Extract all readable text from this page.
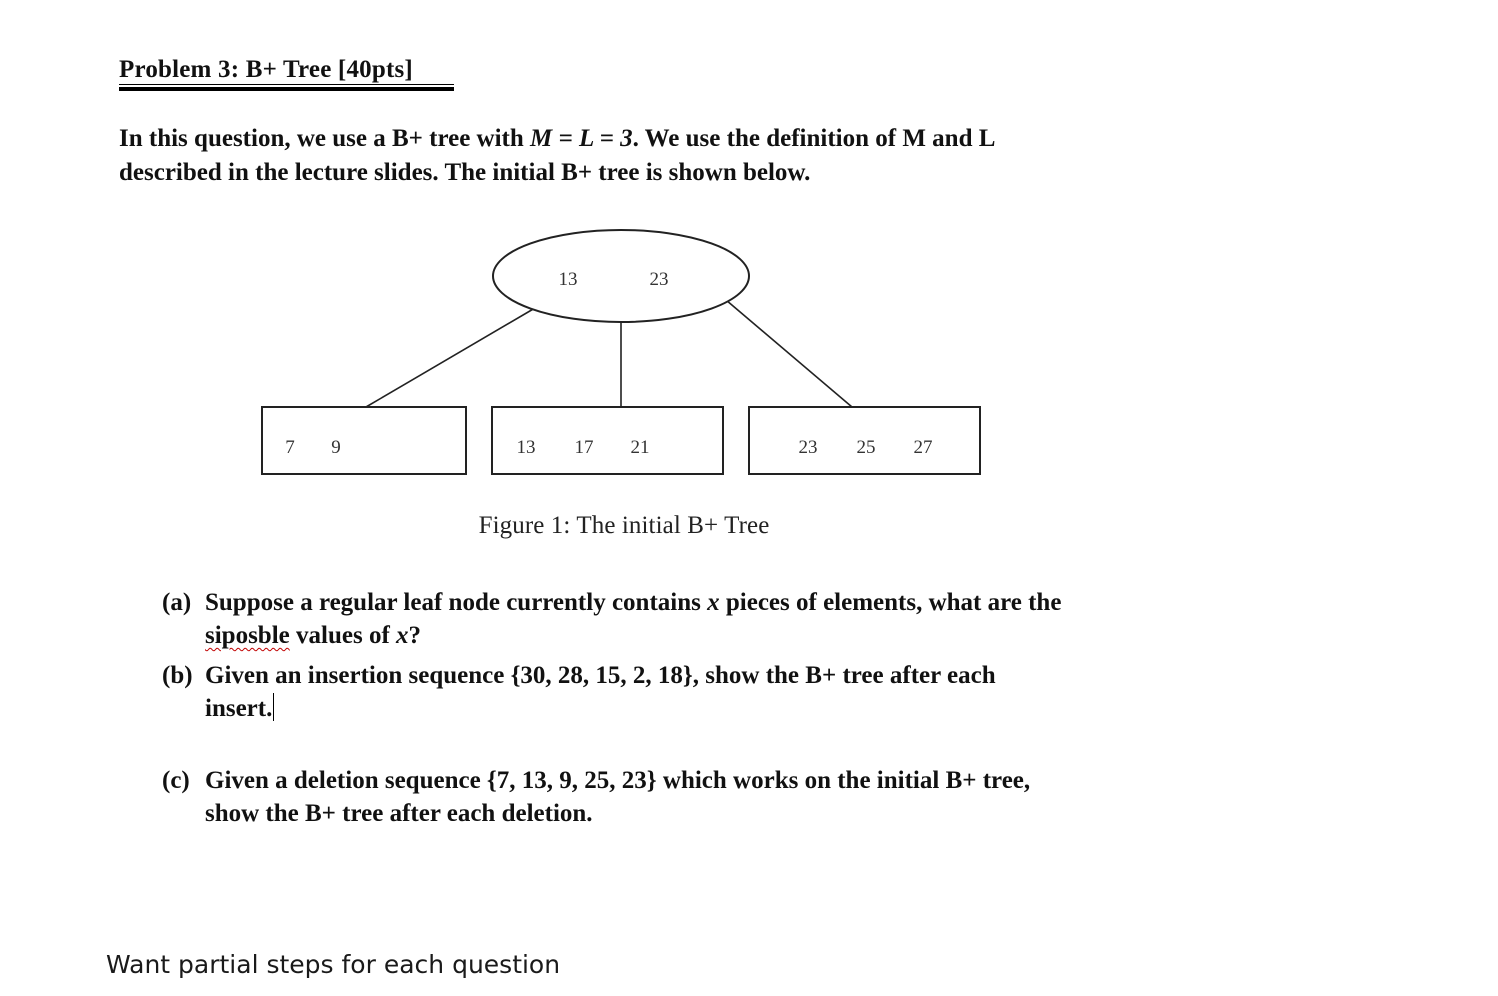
Problem 3: B+ Tree [40pts]
In this question, we use a B+ tree with M = L = 3. We use the definition of M and L
described in the lecture slides. The initial B+ tree is shown below.
13	23
7 9	13 17 21	23 25 27
Figure 1: The initial B+ Tree
(a) Suppose a regular leaf node currently contains x pieces of elements, what are the
siposble values of x?
(b) Given an insertion sequence {30, 28, 15, 2, 18}, show the B+ tree after each
insert.
(c) Given a deletion sequence {7, 13, 9, 25, 23} which works on the initial B+ tree,
show the B+ tree after each deletion.
Want partial steps for each question
